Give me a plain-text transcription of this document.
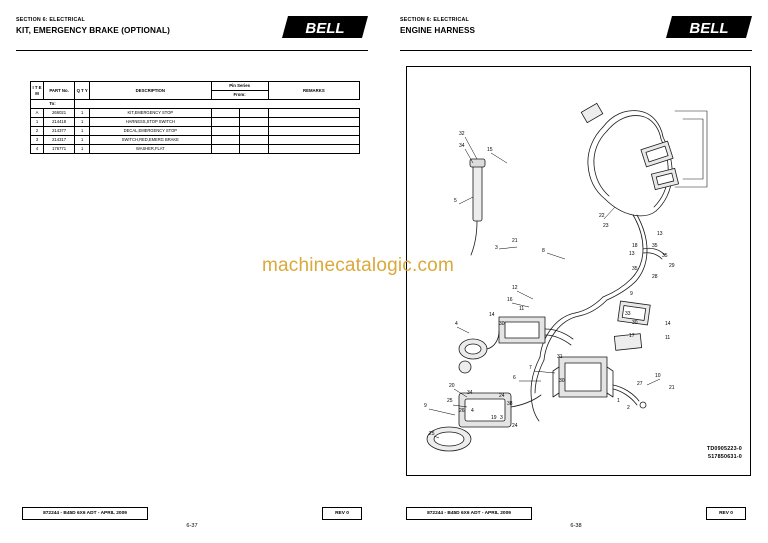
SECTION 6: ELECTRICAL
KIT, EMERGENCY BRAKE (OPTIONAL)	BELL
I T E M	PART No.	Q T Y	DESCRIPTION	Pin Series		REMARKS
				From:		
To:						
A	266021	1	KIT,EMERGENCY STOP			
1	214418	1	HARNESS,STOP SWITCH			
2	214377	1	DECAL,EMERGENCY STOP			
3	214317	1	SWITCH,RED,EMERG BRAKE			
4	176771	1	WASHER,FLAT			
872244 - B45D 6X6 ADT - APRIL 2009	REV 0
6-37
SECTION 6: ELECTRICAL
ENGINE HARNESS	BELL
32
34
15
5
3
21
8
22
23
13
35
18
13	35
29
35
28
9
12
16
11
33
30	14
11
17
4
14
30
31
7
6	30	27
10
21
1
2
20
25
34
26 4
24
38
19 3
9
25
24
TD0905223-0
517850631-0
872244 - B45D 6X6 ADT - APRIL 2009	REV 0
6-38
machinecatalogic.com
